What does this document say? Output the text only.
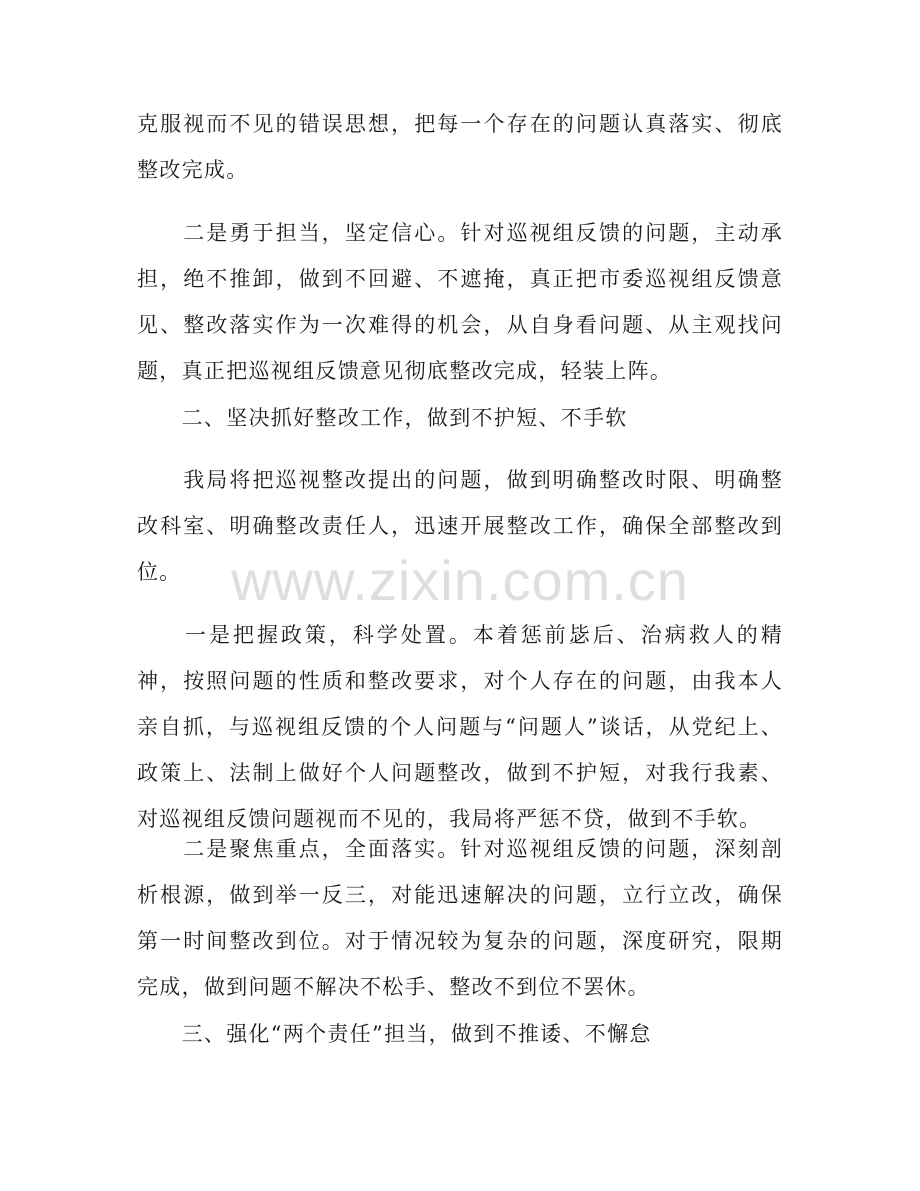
克服视而不见的错误思想，把每一个存在的问题认真落实、彻底整改完成。

　　二是勇于担当，坚定信心。针对巡视组反馈的问题，主动承担，绝不推卸，做到不回避、不遮掩，真正把市委巡视组反馈意见、整改落实作为一次难得的机会，从自身看问题、从主观找问题，真正把巡视组反馈意见彻底整改完成，轻装上阵。

　　二、坚决抓好整改工作，做到不护短、不手软

　　我局将把巡视整改提出的问题，做到明确整改时限、明确整改科室、明确整改责任人，迅速开展整改工作，确保全部整改到位。

　　一是把握政策，科学处置。本着惩前毖后、治病救人的精神，按照问题的性质和整改要求，对个人存在的问题，由我本人亲自抓，与巡视组反馈的个人问题与“问题人”谈话，从党纪上、政策上、法制上做好个人问题整改，做到不护短，对我行我素、对巡视组反馈问题视而不见的，我局将严惩不贷，做到不手软。

　　二是聚焦重点，全面落实。针对巡视组反馈的问题，深刻剖析根源，做到举一反三，对能迅速解决的问题，立行立改，确保第一时间整改到位。对于情况较为复杂的问题，深度研究，限期完成，做到问题不解决不松手、整改不到位不罢休。

　　三、强化“两个责任”担当，做到不推诿、不懈怠

www.zixin.com.cn
